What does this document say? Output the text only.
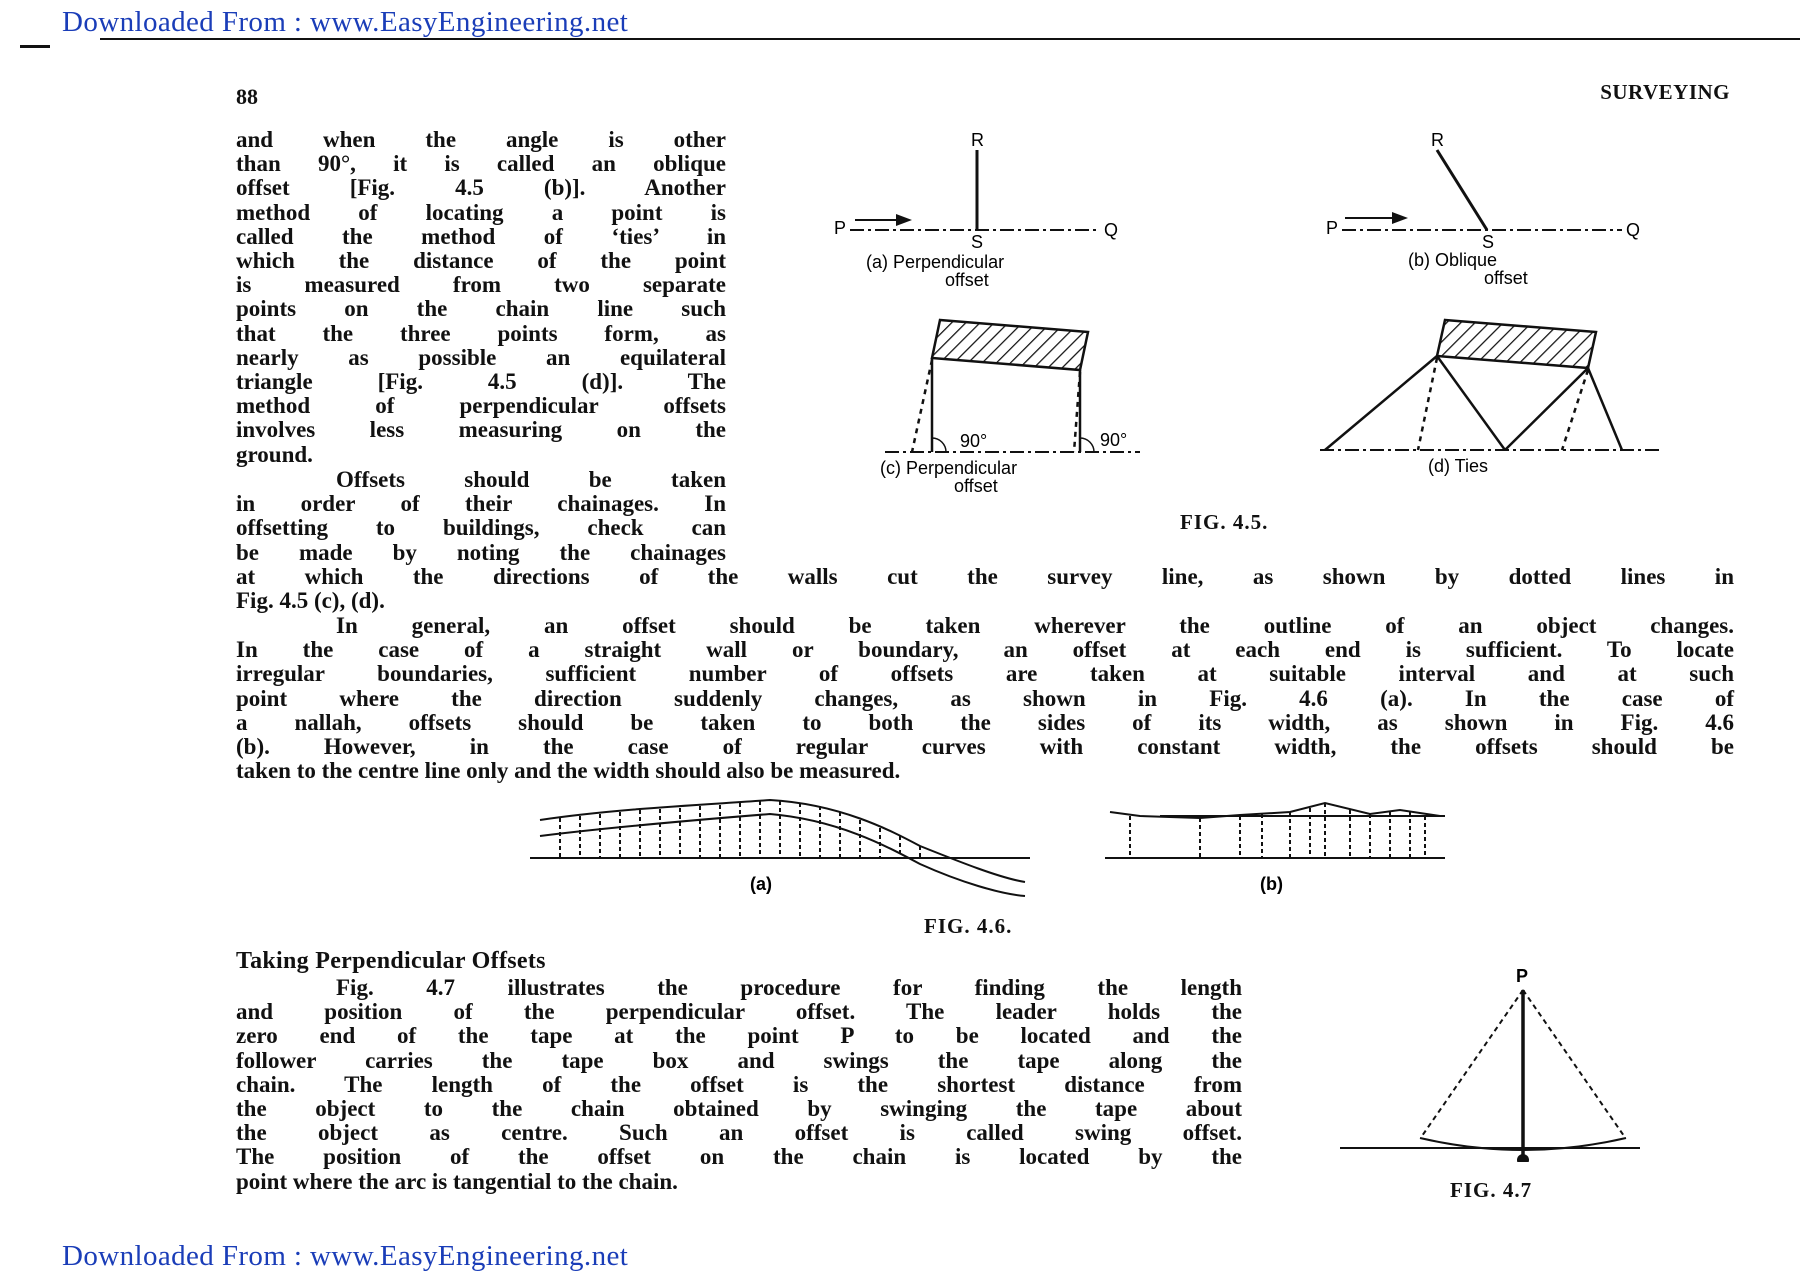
Downloaded From : www.EasyEngineering.net
88	SURVEYING

and when the angle is other

than 90°, it is called an oblique

offset [Fig. 4.5 (b)]. Another

method of locating a point is

called the method of ‘ties’ in

which the distance of the point

is measured from two separate

points on the chain line such

that the three points form, as

nearly as possible an equilateral

triangle [Fig. 4.5 (d)]. The

method of perpendicular offsets

involves less measuring on the

ground.

Offsets should be taken

in order of their chainages. In

offsetting to buildings, check can

be made by noting the chainages

at which the directions of the walls cut the survey line, as shown by dotted lines in

Fig. 4.5 (c), (d).

In general, an offset should be taken wherever the outline of an object changes.

In the case of a straight wall or boundary, an offset at each end is sufficient. To locate

irregular boundaries, sufficient number of offsets are taken at suitable interval and at such

point where the direction suddenly changes, as shown in Fig. 4.6 (a). In the case of

a nallah, offsets should be taken to both the sides of its width, as shown in Fig. 4.6

(b). However, in the case of regular curves with constant width, the offsets should be

taken to the centre line only and the width should also be measured.

Taking Perpendicular Offsets

Fig. 4.7 illustrates the procedure for finding the length

and position of the perpendicular offset. The leader holds the

zero end of the tape at the point P to be located and the

follower carries the tape box and swings the tape along the

chain. The length of the offset is the shortest distance from

the object to the chain obtained by swinging the tape about

the object as centre. Such an offset is called swing offset.

The position of the offset on the chain is located by the

point where the arc is tangential to the chain.

P	Q
R
S
(a) Perpendicular
offset
P	Q
R
S
(b) Oblique
offset
90°	90°
(c) Perpendicular
offset
(d) Ties
FIG. 4.5.
(a)	(b)
FIG. 4.6.
P
FIG. 4.7
Downloaded From : www.EasyEngineering.net
